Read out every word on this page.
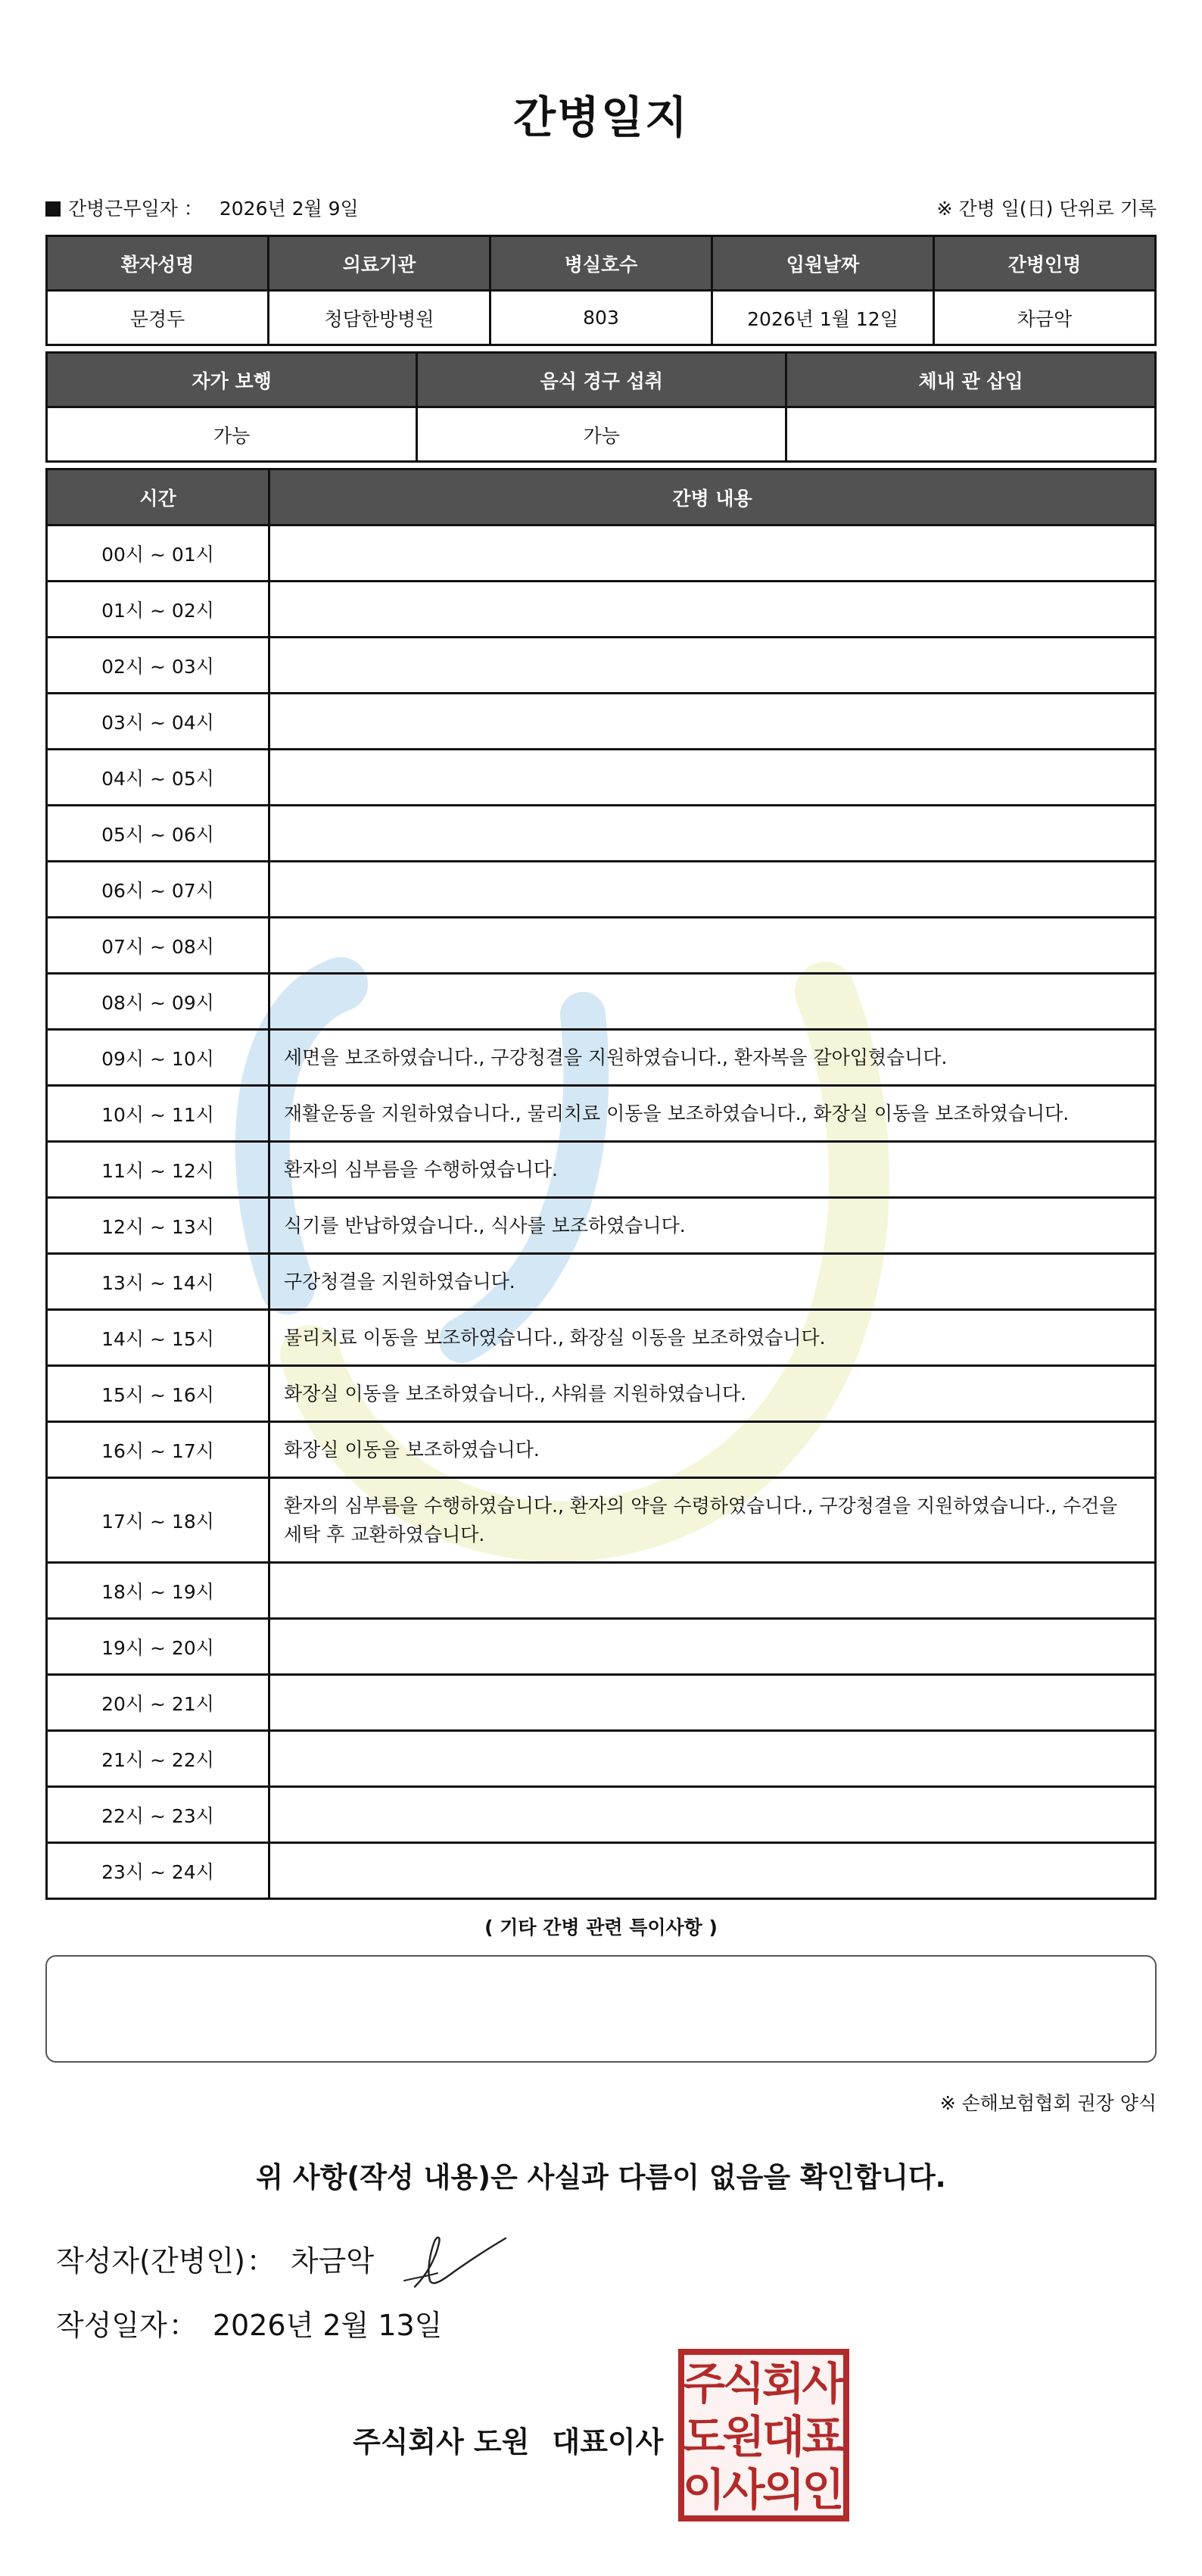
간병일지
간병근무일자 ： 2026년 2월 9일	※ 간병 일(日) 단위로 기록
환자성명	의료기관	병실호수	입원날짜	간병인명
문경두	청담한방병원	803	2026년 1월 12일	차금악
자가 보행	음식 경구 섭취	체내 관 삽입
가능	가능	
시간	간병 내용
00시 ~ 01시	
01시 ~ 02시	
02시 ~ 03시	
03시 ~ 04시	
04시 ~ 05시	
05시 ~ 06시	
06시 ~ 07시	
07시 ~ 08시	
08시 ~ 09시	
09시 ~ 10시	세면을 보조하였습니다., 구강청결을 지원하였습니다., 환자복을 갈아입혔습니다.
10시 ~ 11시	재활운동을 지원하였습니다., 물리치료 이동을 보조하였습니다., 화장실 이동을 보조하였습니다.
11시 ~ 12시	환자의 심부름을 수행하였습니다.
12시 ~ 13시	식기를 반납하였습니다., 식사를 보조하였습니다.
13시 ~ 14시	구강청결을 지원하였습니다.
14시 ~ 15시	물리치료 이동을 보조하였습니다., 화장실 이동을 보조하였습니다.
15시 ~ 16시	화장실 이동을 보조하였습니다., 샤워를 지원하였습니다.
16시 ~ 17시	화장실 이동을 보조하였습니다.
17시 ~ 18시	환자의 심부름을 수행하였습니다., 환자의 약을 수령하였습니다., 구강청결을 지원하였습니다., 수건을 세탁 후 교환하였습니다.
18시 ~ 19시	
19시 ~ 20시	
20시 ~ 21시	
21시 ~ 22시	
22시 ~ 23시	
23시 ~ 24시	
( 기타 간병 관련 특이사항 )
※ 손해보험협회 권장 양식
위 사항(작성 내용)은 사실과 다름이 없음을 확인합니다.
작성자(간병인)： 차금악
작성일자： 2026년 2월 13일
주식회사 도원 대표이사
주
식
회
사
도
원
대
표
이
사
의
인
